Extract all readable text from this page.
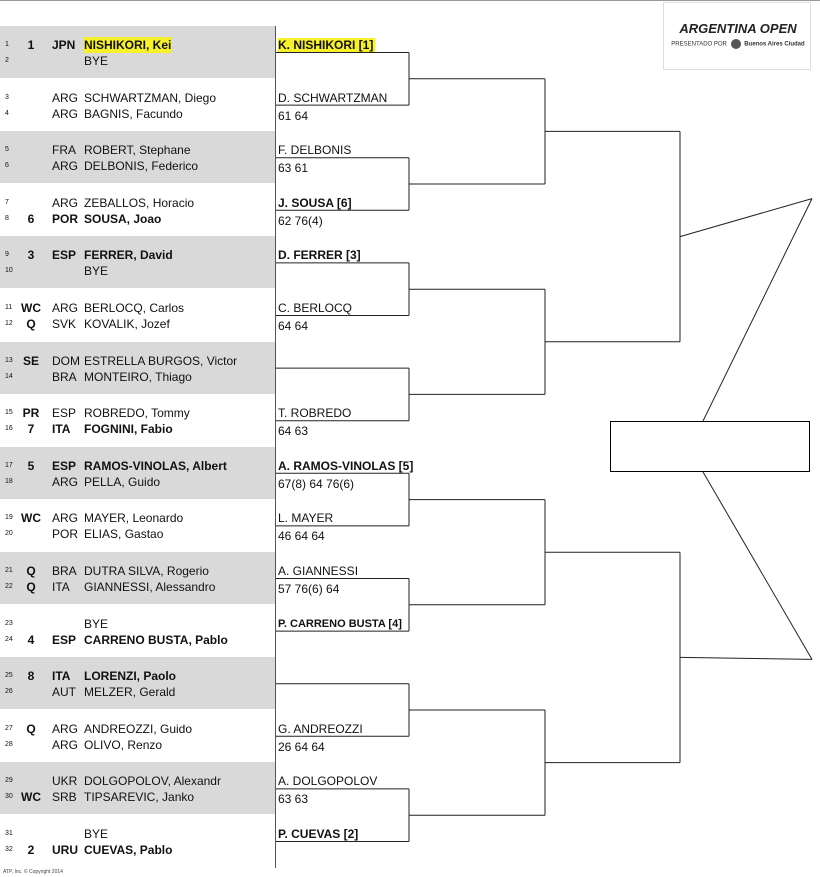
ARGENTINA OPEN
PRESENTADO POR	Buenos Aires Ciudad
1	1	JPN NISHIKORI, Kei
2	BYE
3	ARG SCHWARTZMAN, Diego
4	ARG BAGNIS, Facundo
5	FRA ROBERT, Stephane
6	ARG DELBONIS, Federico
7	ARG ZEBALLOS, Horacio
8	6	POR SOUSA, Joao
9	3	ESP FERRER, David
10	BYE
11 WC ARG BERLOCQ, Carlos
12	Q	SVK KOVALIK, Jozef
13 SE DOM ESTRELLA BURGOS, Victor
14	BRA MONTEIRO, Thiago
15 PR ESP ROBREDO, Tommy
16	7	ITA FOGNINI, Fabio
17	5	ESP RAMOS-VINOLAS, Albert
18	ARG PELLA, Guido
19 WC ARG MAYER, Leonardo
20	POR ELIAS, Gastao
21	Q	BRA DUTRA SILVA, Rogerio
22	Q	ITA GIANNESSI, Alessandro
23	BYE
24	4	ESP CARRENO BUSTA, Pablo
25	8	ITA LORENZI, Paolo
26	AUT MELZER, Gerald
27	Q	ARG ANDREOZZI, Guido
28	ARG OLIVO, Renzo
29	UKR DOLGOPOLOV, Alexandr
30 WC SRB TIPSAREVIC, Janko
31	BYE
32	2	URU CUEVAS, Pablo
K. NISHIKORI [1]
D. SCHWARTZMAN
61 64
F. DELBONIS
63 61
J. SOUSA [6]
62 76(4)
D. FERRER [3]
C. BERLOCQ
64 64
T. ROBREDO
64 63
A. RAMOS-VINOLAS [5]
67(8) 64 76(6)
L. MAYER
46 64 64
A. GIANNESSI
57 76(6) 64
P. CARRENO BUSTA [4]
G. ANDREOZZI
26 64 64
A. DOLGOPOLOV
63 63
P. CUEVAS [2]
ATP, Inc. © Copyright 2014
